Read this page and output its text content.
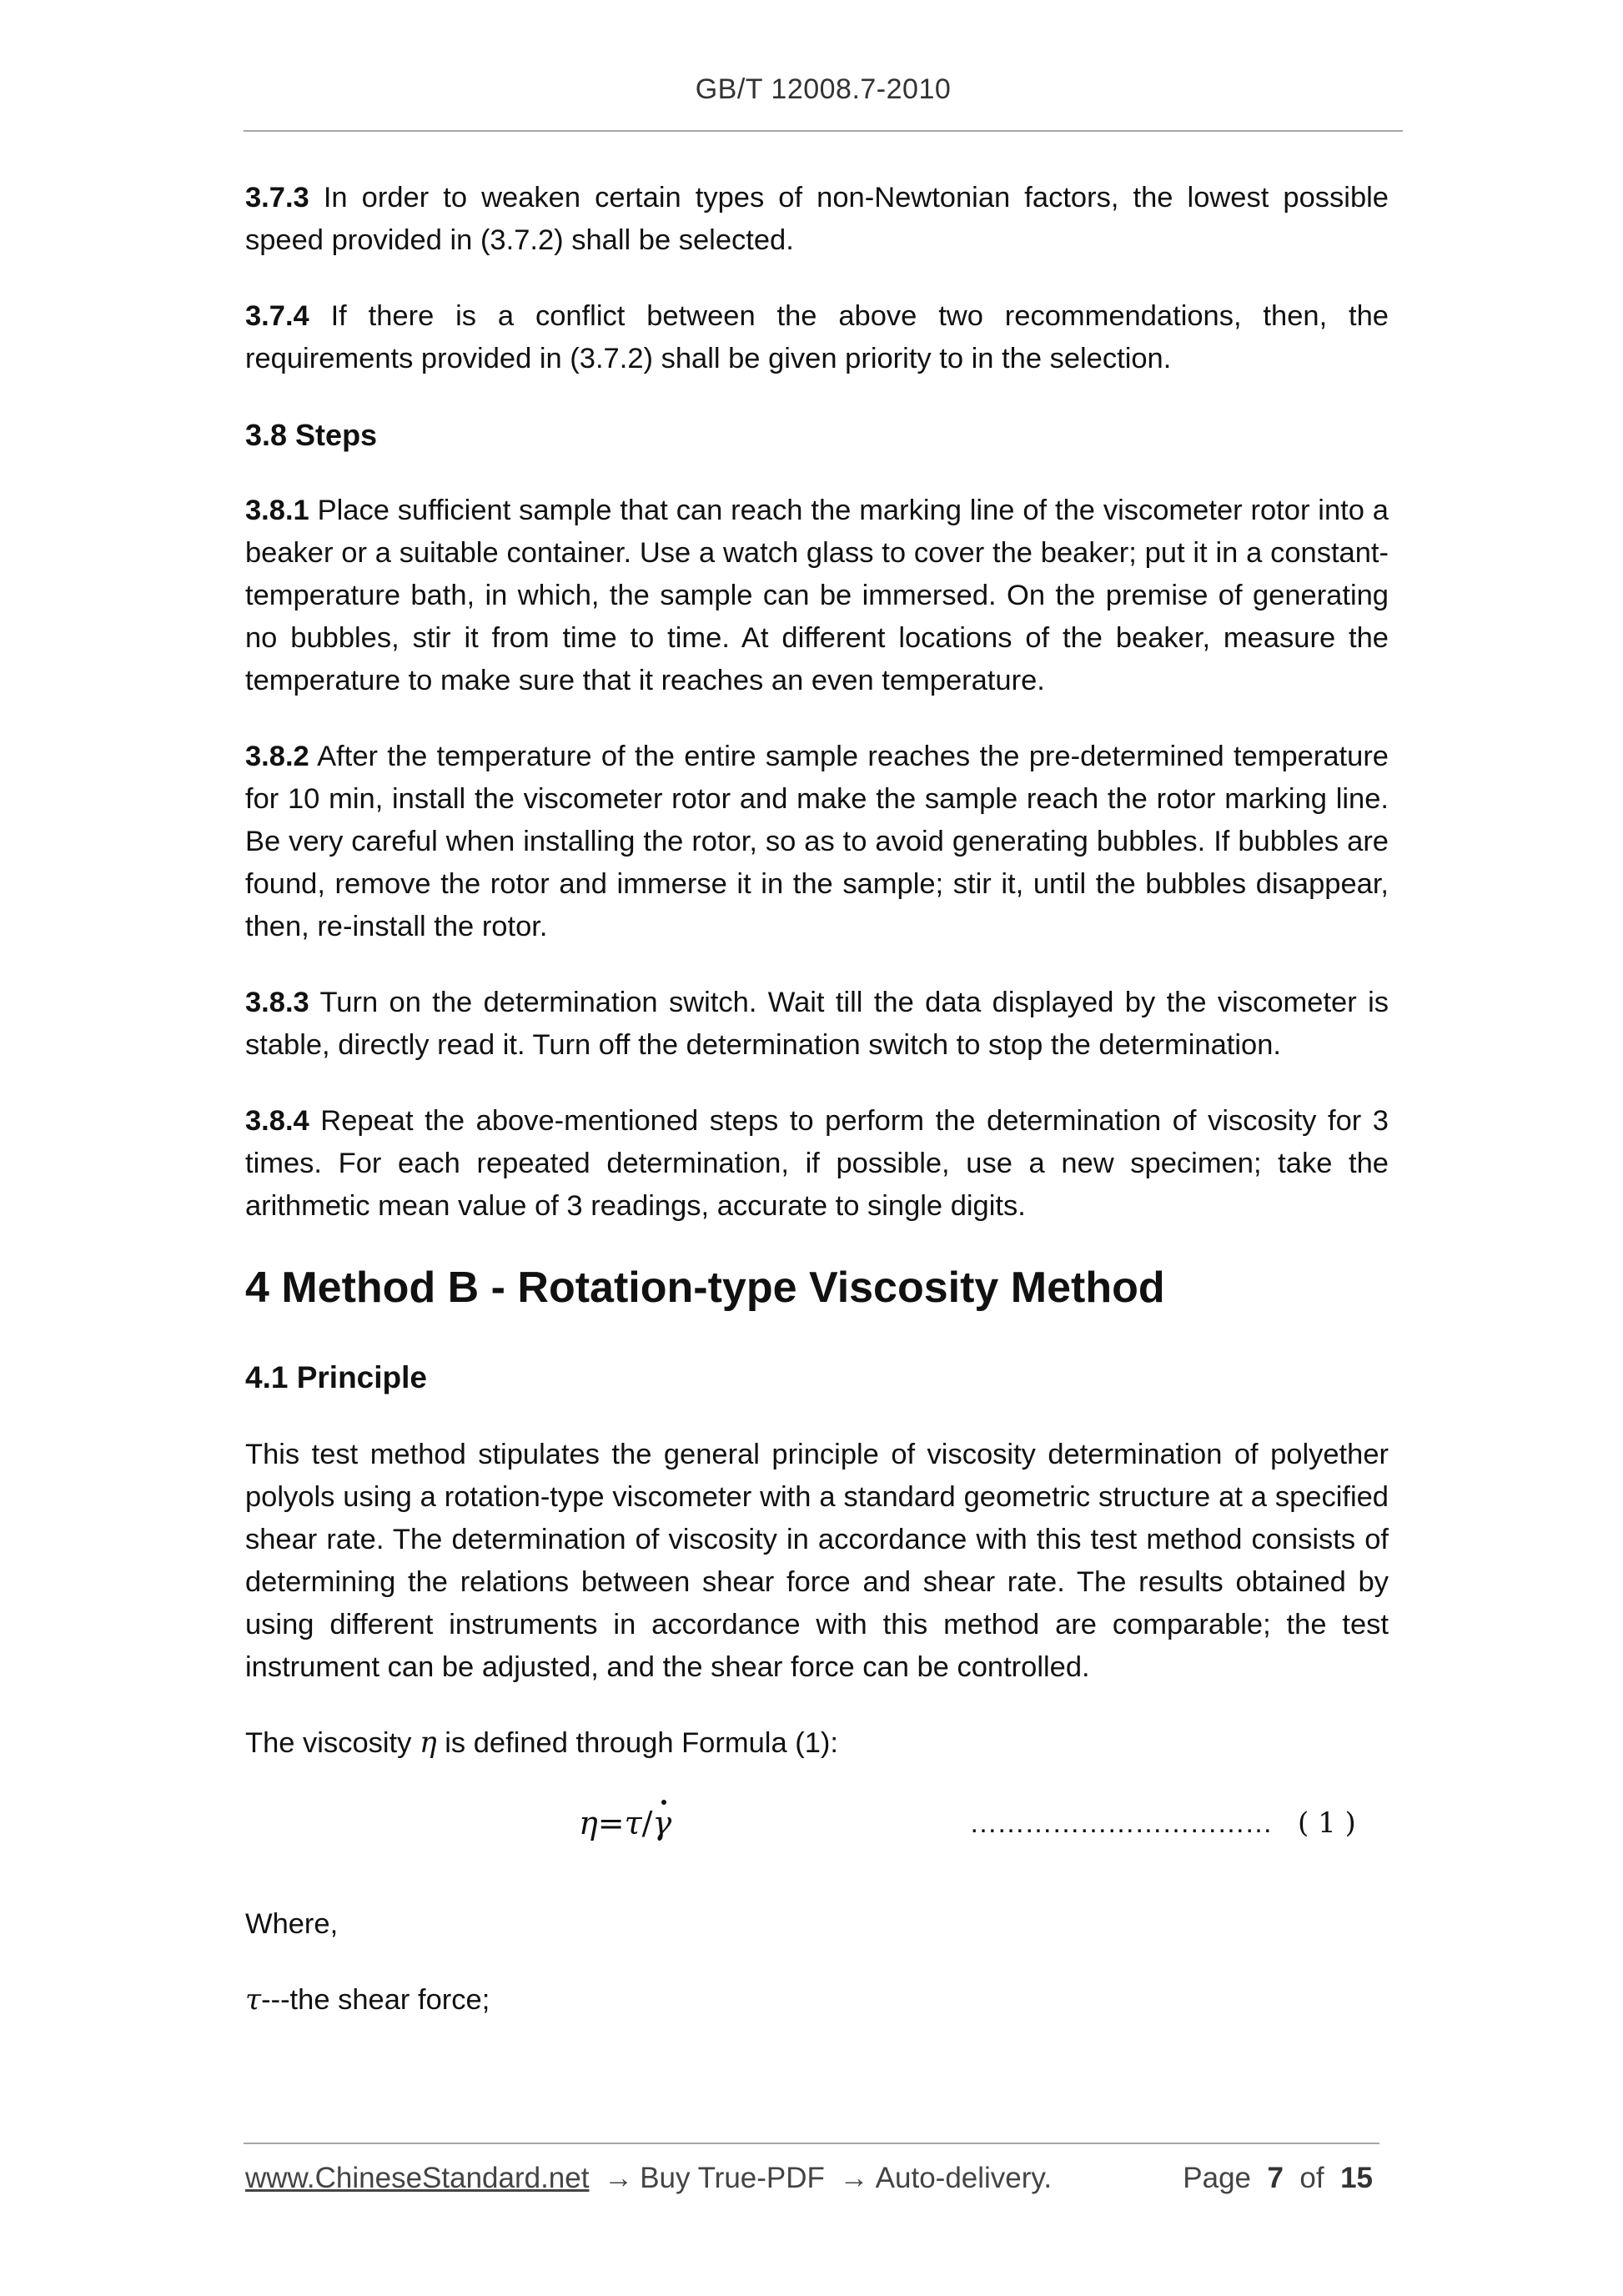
GB/T 12008.7-2010

3.7.3 In order to weaken certain types of non-Newtonian factors, the lowest possible speed provided in (3.7.2) shall be selected.

3.7.4 If there is a conflict between the above two recommendations, then, the requirements provided in (3.7.2) shall be given priority to in the selection.

3.8 Steps

3.8.1 Place sufficient sample that can reach the marking line of the viscometer rotor into a beaker or a suitable container. Use a watch glass to cover the beaker; put it in a constant-temperature bath, in which, the sample can be immersed. On the premise of generating no bubbles, stir it from time to time. At different locations of the beaker, measure the temperature to make sure that it reaches an even temperature.

3.8.2 After the temperature of the entire sample reaches the pre-determined temperature for 10 min, install the viscometer rotor and make the sample reach the rotor marking line. Be very careful when installing the rotor, so as to avoid generating bubbles. If bubbles are found, remove the rotor and immerse it in the sample; stir it, until the bubbles disappear, then, re-install the rotor.

3.8.3 Turn on the determination switch. Wait till the data displayed by the viscometer is stable, directly read it. Turn off the determination switch to stop the determination.

3.8.4 Repeat the above-mentioned steps to perform the determination of viscosity for 3 times. For each repeated determination, if possible, use a new specimen; take the arithmetic mean value of 3 readings, accurate to single digits.

4 Method B - Rotation-type Viscosity Method
4.1 Principle

This test method stipulates the general principle of viscosity determination of polyether polyols using a rotation-type viscometer with a standard geometric structure at a specified shear rate. The determination of viscosity in accordance with this test method consists of determining the relations between shear force and shear rate. The results obtained by using different instruments in accordance with this method are comparable; the test instrument can be adjusted, and the shear force can be controlled.

The viscosity η is defined through Formula (1):

η=τ/γ	…………………………… ( 1 )

Where,

τ---the shear force;

www.ChineseStandard.net → Buy True-PDF → Auto-delivery.	Page 7 of 15
